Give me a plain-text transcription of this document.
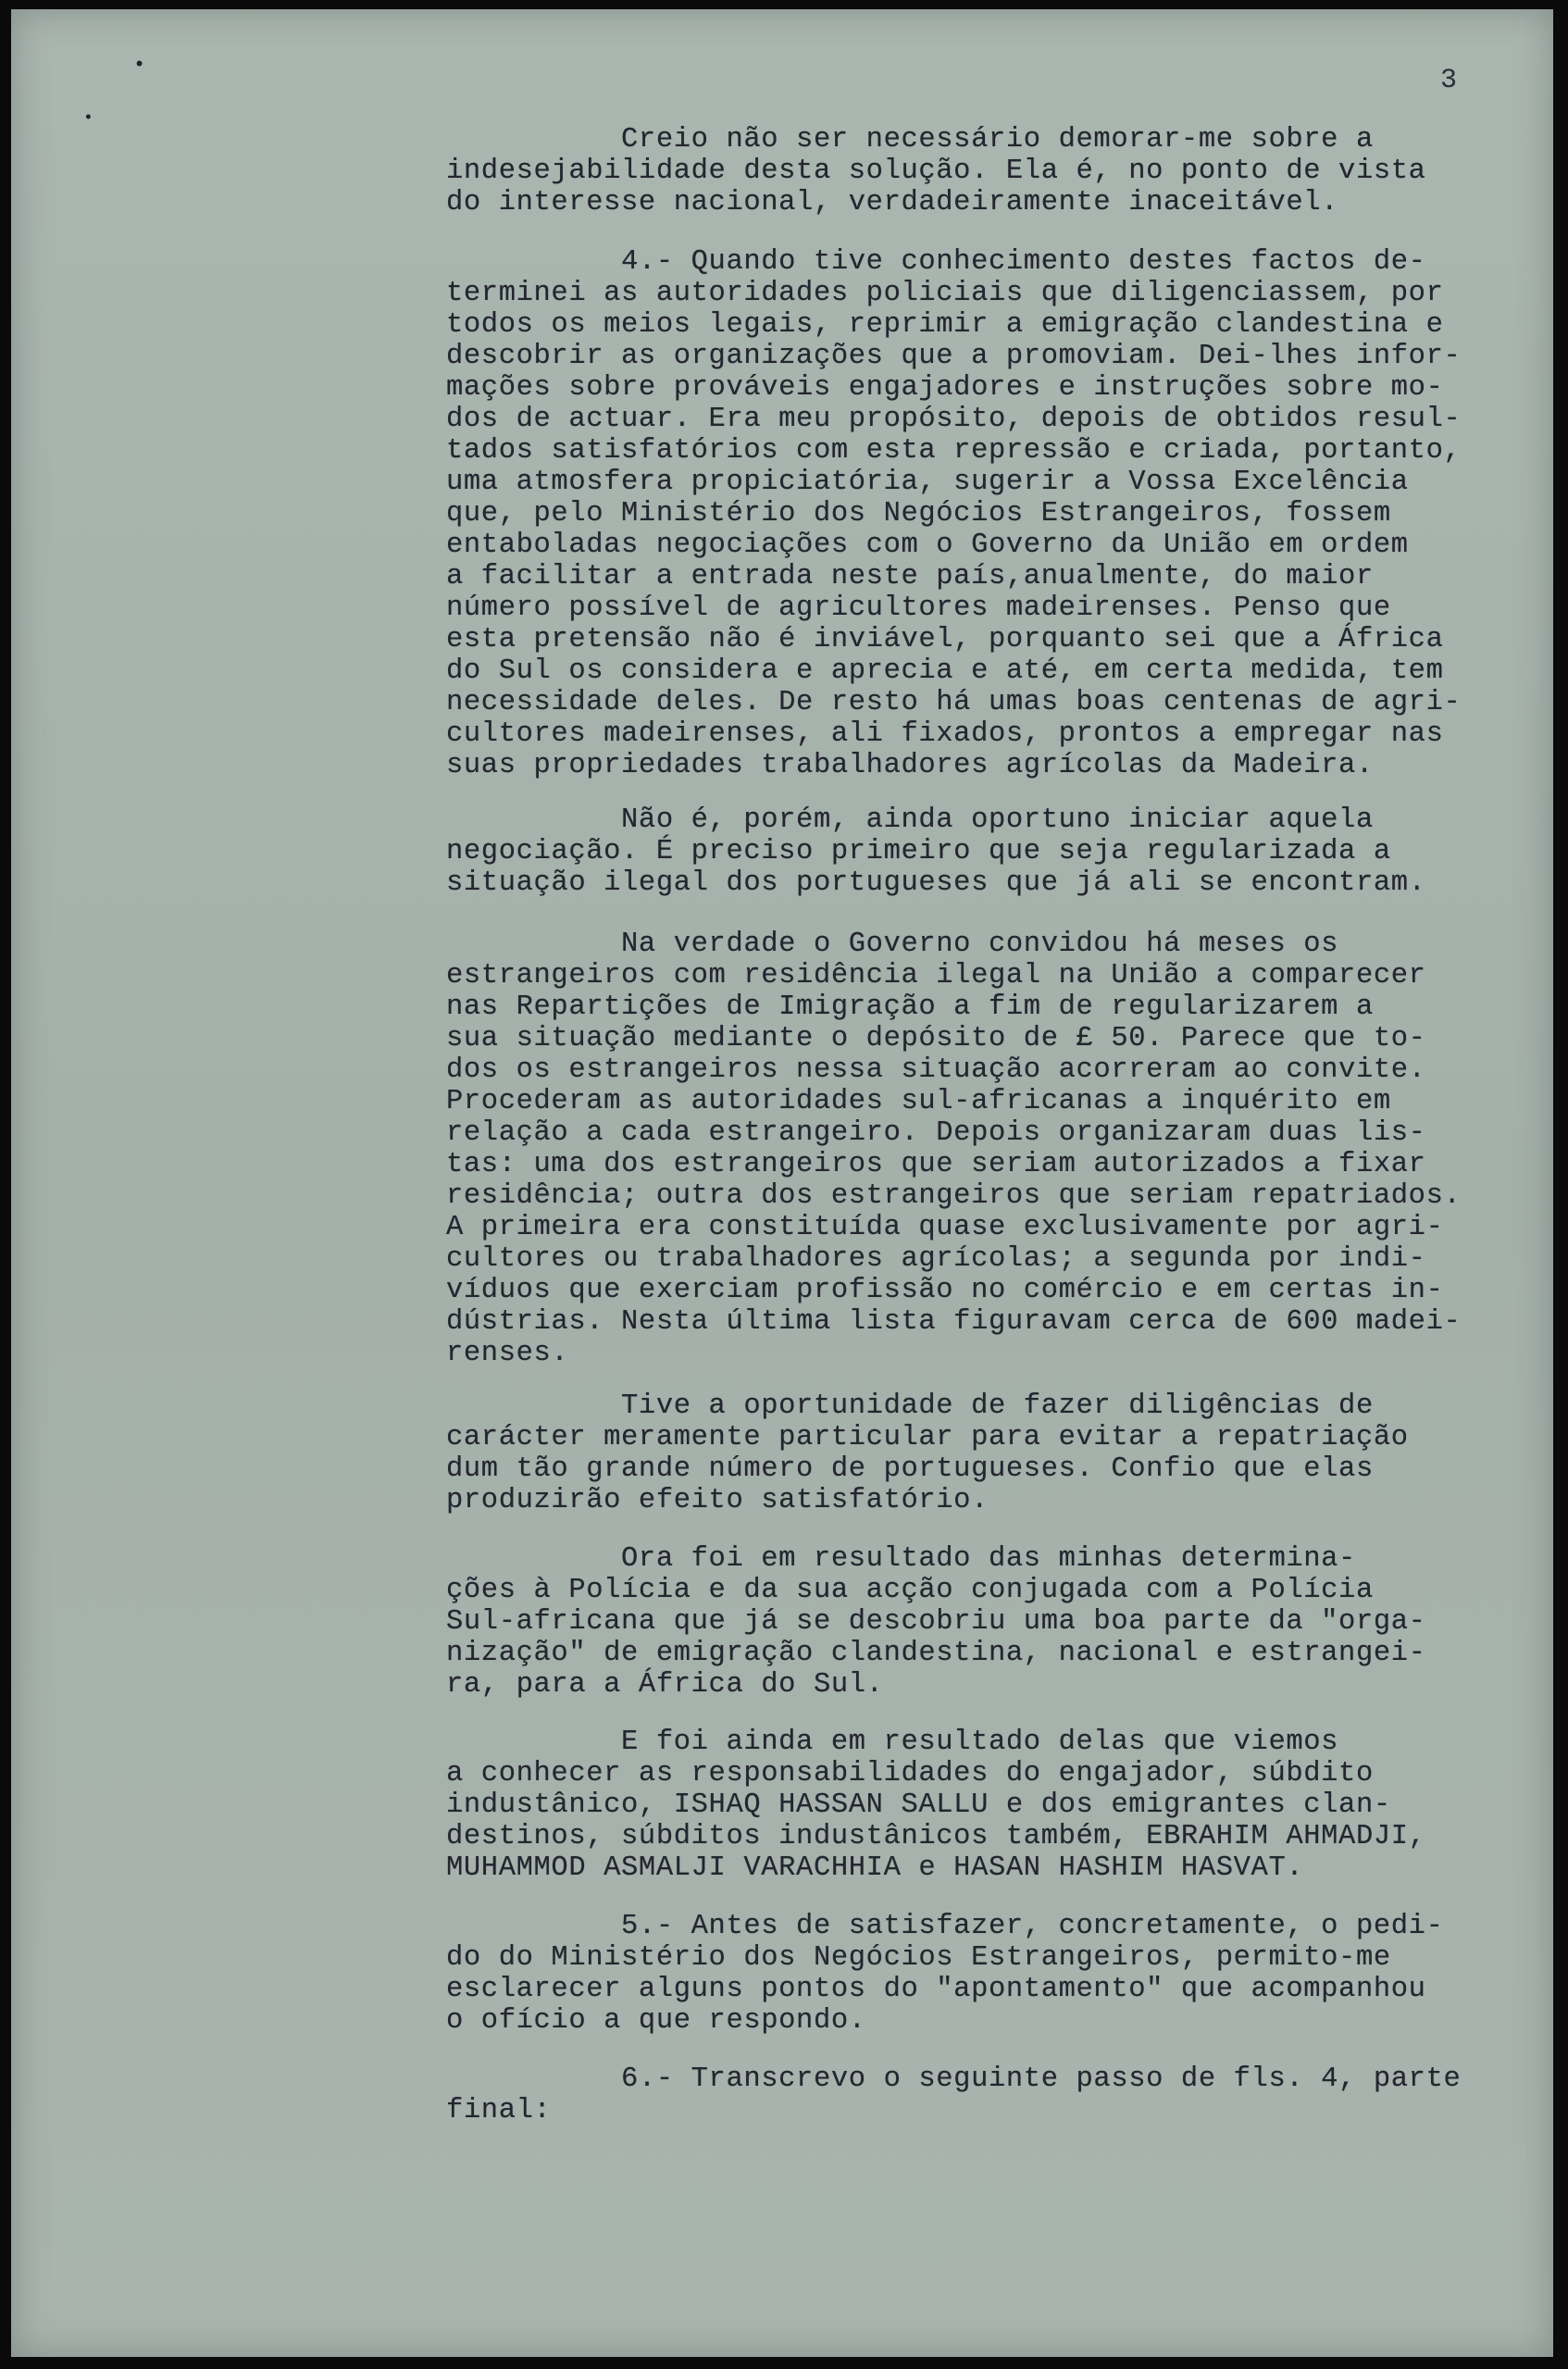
•
•
3
Creio não ser necessário demorar-me sobre a
indesejabilidade desta solução. Ela é, no ponto de vista
do interesse nacional, verdadeiramente inaceitável.
4.- Quando tive conhecimento destes factos de-
terminei as autoridades policiais que diligenciassem, por
todos os meios legais, reprimir a emigração clandestina e
descobrir as organizações que a promoviam. Dei-lhes infor-
mações sobre prováveis engajadores e instruções sobre mo-
dos de actuar. Era meu propósito, depois de obtidos resul-
tados satisfatórios com esta repressão e criada, portanto,
uma atmosfera propiciatória, sugerir a Vossa Excelência
que, pelo Ministério dos Negócios Estrangeiros, fossem
entaboladas negociações com o Governo da União em ordem
a facilitar a entrada neste país,anualmente, do maior
número possível de agricultores madeirenses. Penso que
esta pretensão não é inviável, porquanto sei que a África
do Sul os considera e aprecia e até, em certa medida, tem
necessidade deles. De resto há umas boas centenas de agri-
cultores madeirenses, ali fixados, prontos a empregar nas
suas propriedades trabalhadores agrícolas da Madeira.
Não é, porém, ainda oportuno iniciar aquela
negociação. É preciso primeiro que seja regularizada a
situação ilegal dos portugueses que já ali se encontram.
Na verdade o Governo convidou há meses os
estrangeiros com residência ilegal na União a comparecer
nas Repartições de Imigração a fim de regularizarem a
sua situação mediante o depósito de £ 50. Parece que to-
dos os estrangeiros nessa situação acorreram ao convite.
Procederam as autoridades sul-africanas a inquérito em
relação a cada estrangeiro. Depois organizaram duas lis-
tas: uma dos estrangeiros que seriam autorizados a fixar
residência; outra dos estrangeiros que seriam repatriados.
A primeira era constituída quase exclusivamente por agri-
cultores ou trabalhadores agrícolas; a segunda por indi-
víduos que exerciam profissão no comércio e em certas in-
dústrias. Nesta última lista figuravam cerca de 600 madei-
renses.
Tive a oportunidade de fazer diligências de
carácter meramente particular para evitar a repatriação
dum tão grande número de portugueses. Confio que elas
produzirão efeito satisfatório.
Ora foi em resultado das minhas determina-
ções à Polícia e da sua acção conjugada com a Polícia
Sul-africana que já se descobriu uma boa parte da "orga-
nização" de emigração clandestina, nacional e estrangei-
ra, para a África do Sul.
E foi ainda em resultado delas que viemos
a conhecer as responsabilidades do engajador, súbdito
industânico, ISHAQ HASSAN SALLU e dos emigrantes clan-
destinos, súbditos industânicos também, EBRAHIM AHMADJI,
MUHAMMOD ASMALJI VARACHHIA e HASAN HASHIM HASVAT.
5.- Antes de satisfazer, concretamente, o pedi-
do do Ministério dos Negócios Estrangeiros, permito-me
esclarecer alguns pontos do "apontamento" que acompanhou
o ofício a que respondo.
6.- Transcrevo o seguinte passo de fls. 4, parte
final:
